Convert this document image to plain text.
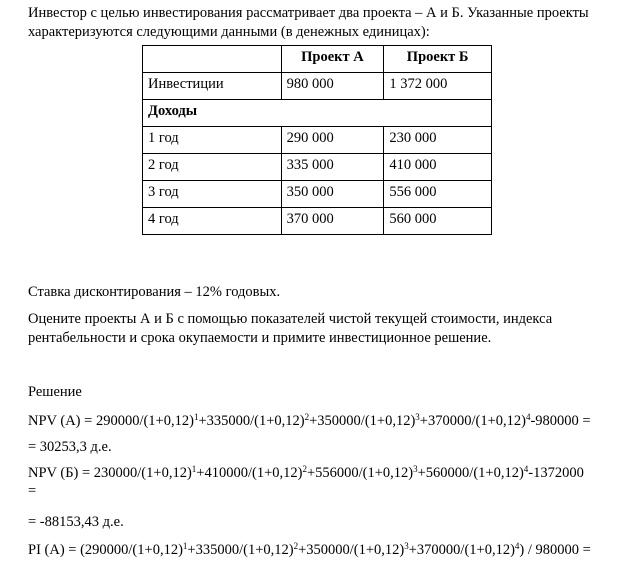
Инвестор с целью инвестирования рассматривает два проекта – А и Б. Указанные проекты характеризуются следующими данными (в денежных единицах):

	Проект А	Проект Б
Инвестиции	980 000	1 372 000
Доходы		
1 год	290 000	230 000
2 год	335 000	410 000
3 год	350 000	556 000
4 год	370 000	560 000

Ставка дисконтирования – 12% годовых.

Оцените проекты А и Б с помощью показателей чистой текущей стоимости, индекса рентабельности и срока окупаемости и примите инвестиционное решение.

Решение

NPV $(А) = 290000/(1+0,12)^1+335000/(1+0,12)^2+350000/(1+0,12)^3+370000/(1+0,12)^4-980000$ =

= 30253,3 д.е.

NPV $(Б) = 230000/(1+0,12)^1+410000/(1+0,12)^2+556000/(1+0,12)^3+560000/(1+0,12)^4-1372000$

=

= -88153,43 д.е.

PI $(А) = (290000/(1+0,12)^1+335000/(1+0,12)^2+350000/(1+0,12)^3+370000/(1+0,12)^4) / 980000$ =
